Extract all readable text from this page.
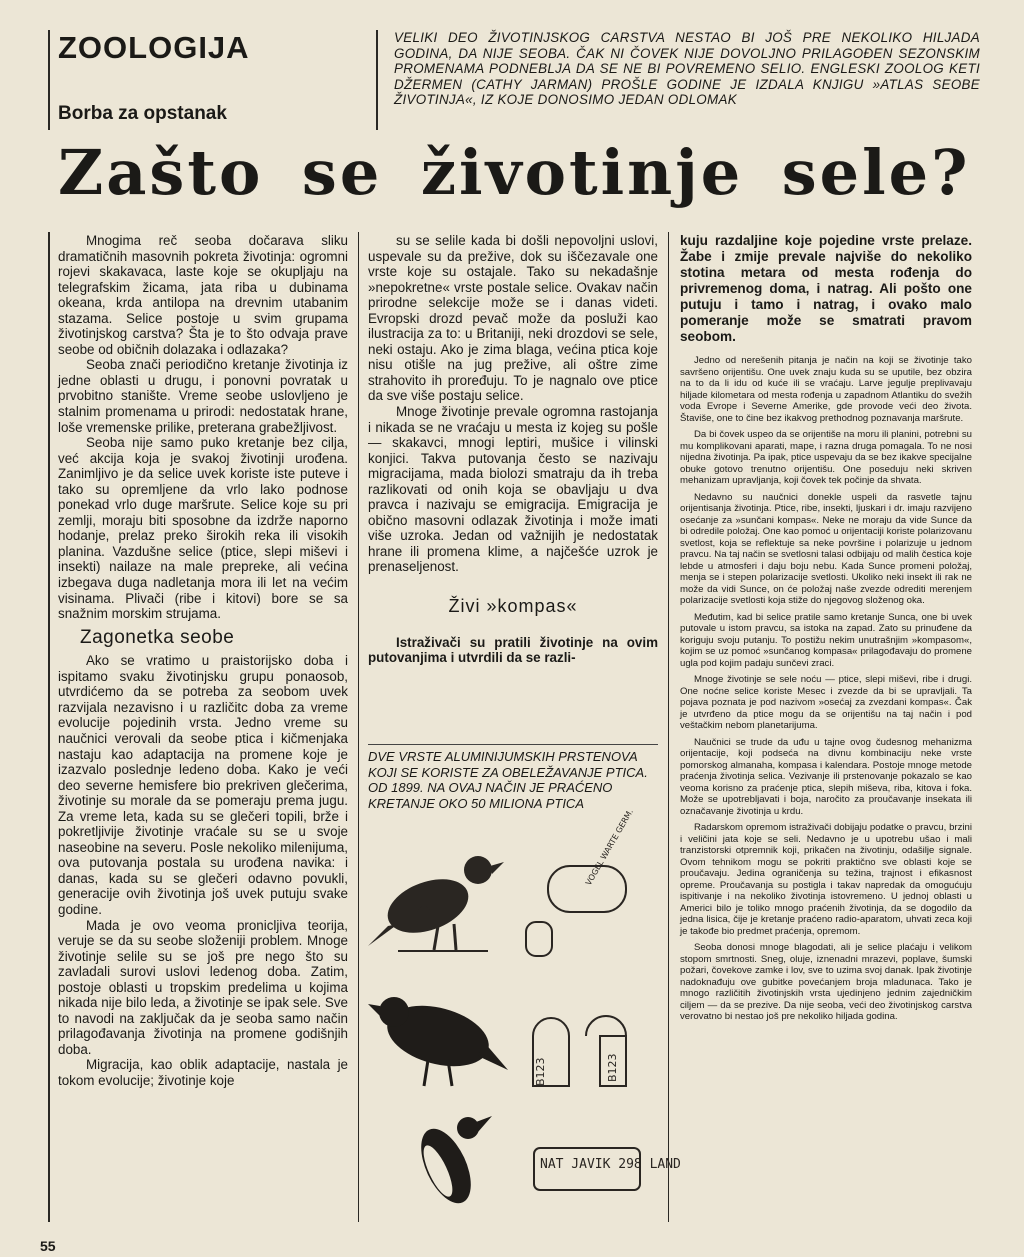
ZOOLOGIJA
Borba za opstanak
VELIKI DEO ŽIVOTINJSKOG CARSTVA NESTAO BI JOŠ PRE NEKOLIKO HILJADA GODINA, DA NIJE SEOBA. ČAK NI ČOVEK NIJE DOVOLJNO PRILAGOĐEN SEZONSKIM PROMENAMA PODNEBLJA DA SE NE BI POVREMENO SELIO. ENGLESKI ZOOLOG KETI DŽERMEN (CATHY JARMAN) PROŠLE GODINE JE IZDALA KNJIGU »ATLAS SEOBE ŽIVOTINJA«, IZ KOJE DONOSIMO JEDAN ODLOMAK
Zašto se životinje sele?

Mnogima reč seoba dočarava sliku dramatičnih masovnih pokreta životinja: ogromni rojevi skakavaca, laste koje se okupljaju na telegrafskim žicama, jata riba u dubinama okeana, krda antilopa na drevnim utabanim stazama. Selice postoje u svim grupama životinjskog carstva? Šta je to što odvaja prave seobe od običnih dolazaka i odlazaka?

Seoba znači periodično kretanje životinja iz jedne oblasti u drugu, i ponovni povratak u prvobitno stanište. Vreme seobe uslovljeno je stalnim promenama u prirodi: nedostatak hrane, loše vremenske prilike, preterana grabežljivost.

Seoba nije samo puko kretanje bez cilja, već akcija koja je svakoj životinji urođena. Zanimljivo je da selice uvek koriste iste puteve i tako su opremljene da vrlo lako podnose ponekad vrlo duge maršrute. Selice koje su pri zemlji, moraju biti sposobne da izdrže naporno hodanje, prelaz preko širokih reka ili visokih planina. Vazdušne selice (ptice, slepi miševi i insekti) nailaze na male prepreke, ali većina izbegava duga nadletanja mora ili let na većim visinama. Plivači (ribe i kitovi) bore se sa snažnim morskim strujama.

Zagonetka seobe

Ako se vratimo u praistorijsko doba i ispitamo svaku životinjsku grupu ponaosob, utvrdićemo da se potreba za seobom uvek razvijala nezavisno i u različitc doba za vreme evolucije pojedinih vrsta. Jedno vreme su naučnici verovali da seobe ptica i kičmenjaka nastaju kao adaptacija na promene koje je izazvalo poslednje ledeno doba. Kako je veći deo severne hemisfere bio prekriven glečerima, životinje su morale da se pomeraju prema jugu. Za vreme leta, kada su se glečeri topili, brže i pokretljivije životinje vraćale su se u svoje naseobine na severu. Posle nekoliko milenijuma, ova putovanja postala su urođena navika: i danas, kada su se glečeri odavno povukli, generacije ovih životinja još uvek putuju svake godine.

Mada je ovo veoma pronicljiva teorija, veruje se da su seobe složeniji problem. Mnoge životinje selile su se još pre nego što su zavladali surovi uslovi ledenog doba. Zatim, postoje oblasti u tropskim predelima u kojima nikada nije bilo leda, a životinje se ipak sele. Sve to navodi na zaključak da je seoba samo način prilagođavanja životinja na promene godišnjih doba.

Migracija, kao oblik adaptacije, nastala je tokom evolucije; životinje koje

su se selile kada bi došli nepovoljni uslovi, uspevale su da prežive, dok su iščezavale one vrste koje su ostajale. Tako su nekadašnje »nepokretne« vrste postale selice. Ovakav način prirodne selekcije može se i danas videti. Evropski drozd pevač može da posluži kao ilustracija za to: u Britaniji, neki drozdovi se sele, neki ostaju. Ako je zima blaga, većina ptica koje nisu otišle na jug preživе, ali oštre zime strahovito ih proređuju. To je nagnalo ove ptice da sve više postaju selice.

Mnoge životinje prevale ogromna rastojanja i nikada se ne vraćaju u mesta iz kojeg su pošle — skakavci, mnogi leptiri, mušice i vilinski konjici. Takva putovanja često se nazivaju migracijama, mada biolozi smatraju da ih treba razlikovati od onih koja se obavljaju u dva pravca i nazivaju se emigracija. Emigracija je obično masovni odlazak životinja i može imati više uzroka. Jedan od važnijih je nedostatak hrane ili promena klime, a najčešće uzrok je prenaseljenost.

Živi »kompas«

Istraživači su pratili životinje na ovim putovanjima i utvrdili da se razli-

DVE VRSTE ALUMINIJUMSKIH PRSTENOVA KOJI SE KORISTE ZA OBELEŽAVANJE PTICA. OD 1899. NA OVAJ NAČIN JE PRAĆENO KRETANJE OKO 50 MILIONA PTICA
VOGEL WARTE GERM.
B123	B123
NAT JAVIK 298 LAND

kuju razdaljine koje pojedine vrste prelaze. Žabe i zmije prevale najviše do nekoliko stotina metara od mesta rođenja do privremenog doma, i natrag. Ali pošto one putuju i tamo i natrag, i ovako malo pomeranje može se smatrati pravom seobom.

Jedno od nerešenih pitanja je način na koji se životinje tako savršeno orijentišu. One uvek znaju kuda su se uputile, bez obzira na to da li idu od kuće ili se vraćaju. Larve jegulje preplivavaju hiljade kilometara od mesta rođenja u zapadnom Atlantiku do svežih voda Evrope i Severne Amerike, gde provode veći deo života. Štaviše, one to čine bez ikakvog prethodnog poznavanja maršrute.

Da bi čovek uspeo da se orijentiše na moru ili planini, potrebni su mu komplikovani aparati, mape, i razna druga pomagala. To ne nosi nijedna životinja. Pa ipak, ptice uspevaju da se bez ikakve specijalne obuke gotovo trenutno orijentišu. One poseduju neki skriven mehanizam upravljanja, koji čovek tek počinje da shvata.

Nedavno su naučnici donekle uspeli da rasvetle tajnu orijentisanja životinja. Ptice, ribe, insekti, ljuskari i dr. imaju razvijeno osećanje za »sunčani kompas«. Neke ne moraju da vide Sunce da bi odredile položaj. One kao pomoć u orijentaciji koriste polarizovanu svetlost, koja se reflektuje sa neke površine i polarizuje u jednom pravcu. Na taj način se svetlosni talasi odbijaju od malih čestica koje lebde u atmosferi i daju boju nebu. Kada Sunce promeni položaj, menja se i stepen polarizacije svetlosti. Ukoliko neki insekt ili rak ne može da vidi Sunce, on će položaj naše zvezde odrediti merenjem polarizacije svetlosti koja stiže do njegovog složenog oka.

Međutim, kad bi selice pratile samo kretanje Sunca, one bi uvek putovale u istom pravcu, sa istoka na zapad. Zato su prinuđene da koriguju svoju putanju. To postižu nekim unutrašnjim »kompasom«, kojim se uz pomoć »sunčanog kompasa« prilagođavaju do promene ugla pod kojim padaju sunčevi zraci.

Mnoge životinje se sele noću — ptice, slepi miševi, ribe i drugi. One noćne selice koriste Mesec i zvezde da bi se upravljali. Ta pojava poznata je pod nazivom »osećaj za zvezdani kompas«. Čak je utvrđeno da ptice mogu da se orijentišu na taj način i pod veštačkim nebom planetarijuma.

Naučnici se trude da uđu u tajne ovog čudesnog mehanizma orijentacije, koji podseća na divnu kombinaciju neke vrste pomorskog almanaha, kompasa i kalendara. Postoje mnoge metode praćenja životinja selica. Vezivanje ili prstenovanje pokazalo se kao veoma korisno za praćenje ptica, slepih miševa, riba, kitova i foka. Može se upotrebljavati i boja, naročito za proučavanje insekata ili označavanje životinja u krdu.

Radarskom opremom istraživači dobijaju podatke o pravcu, brzini i veličini jata koje se seli. Nedavno je u upotrebu ušao i mali tranzistorski otpremnik koji, prikačen na životinju, odašilje signale. Ovom tehnikom mogu se pokriti praktično sve oblasti koje se proučavaju. Jedina ograničenja su težina, trajnost i efikasnost opreme. Proučavanja su postigla i takav napredak da omogućuju ispitivanje i na nekoliko životinja istovremeno. U jednoj oblasti u Americi bilo je toliko mnogo praćenih životinja, da se dogodilo da jedna lisica, čije je kretanje praćeno radio-aparatom, uhvati zeca koji je takođe bio predmet praćenja, opremom.

Seoba donosi mnoge blagodati, ali je selice plaćaju i velikom stopom smrtnosti. Sneg, oluje, iznenadni mrazevi, poplave, šumski požari, čovekove zamke i lov, sve to uzima svoj danak. Ipak životinje nadoknađuju ove gubitke povećanjem broja mladunaca. Tako je mnogo različitih životinjskih vrsta ujedinjeno jednim zajedničkim ciljem — da se prezive. Da nije seoba, veći deo životinjskog carstva verovatno bi nestao još pre nekoliko hiljada godina.

55
